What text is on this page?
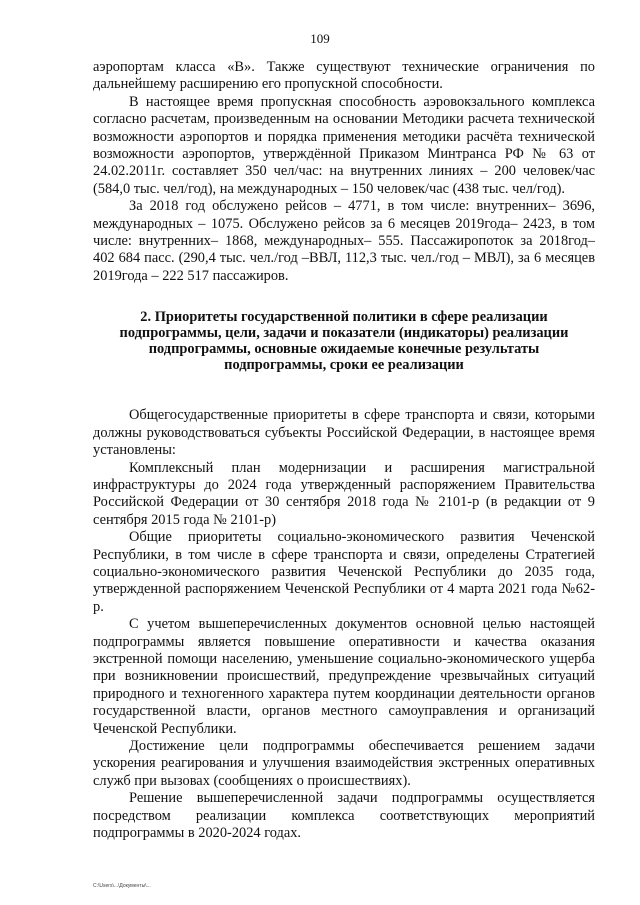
109

аэропортам класса «В». Также существуют технические ограничения по дальнейшему расширению его пропускной способности.

В настоящее время пропускная способность аэровокзального комплекса согласно расчетам, произведенным на основании Методики расчета технической возможности аэропортов и порядка применения методики расчёта технической возможности аэропортов, утверждённой Приказом Минтранса РФ № 63 от 24.02.2011г. составляет 350 чел/час: на внутренних линиях – 200 человек/час (584,0 тыс. чел/год), на международных – 150 человек/час (438 тыс. чел/год).

За 2018 год обслужено рейсов – 4771, в том числе: внутренних– 3696, международных – 1075. Обслужено рейсов за 6 месяцев 2019года– 2423, в том числе: внутренних– 1868, международных– 555. Пассажиропоток за 2018год– 402 684 пасс. (290,4 тыс. чел./год –ВВЛ, 112,3 тыс. чел./год – МВЛ), за 6 месяцев 2019года – 222 517 пассажиров.

2. Приоритеты государственной политики в сфере реализации подпрограммы, цели, задачи и показатели (индикаторы) реализации подпрограммы, основные ожидаемые конечные результаты подпрограммы, сроки ее реализации

Общегосударственные приоритеты в сфере транспорта и связи, которыми должны руководствоваться субъекты Российской Федерации, в настоящее время установлены:

Комплексный план модернизации и расширения магистральной инфраструктуры до 2024 года утвержденный распоряжением Правительства Российской Федерации от 30 сентября 2018 года № 2101-р (в редакции от 9 сентября 2015 года № 2101-р)

Общие приоритеты социально-экономического развития Чеченской Республики, в том числе в сфере транспорта и связи, определены Стратегией социально-экономического развития Чеченской Республики до 2035 года, утвержденной распоряжением Чеченской Республики от 4 марта 2021 года №62-р.

С учетом вышеперечисленных документов основной целью настоящей подпрограммы является повышение оперативности и качества оказания экстренной помощи населению, уменьшение социально-экономического ущерба при возникновении происшествий, предупреждение чрезвычайных ситуаций природного и техногенного характера путем координации деятельности органов государственной власти, органов местного самоуправления и организаций Чеченской Республики.

Достижение цели подпрограммы обеспечивается решением задачи ускорения реагирования и улучшения взаимодействия экстренных оперативных служб при вызовах (сообщениях о происшествиях).

Решение вышеперечисленной задачи подпрограммы осуществляется посредством реализации комплекса соответствующих мероприятий подпрограммы в 2020-2024 годах.

С:\Users\...\Документы\...
